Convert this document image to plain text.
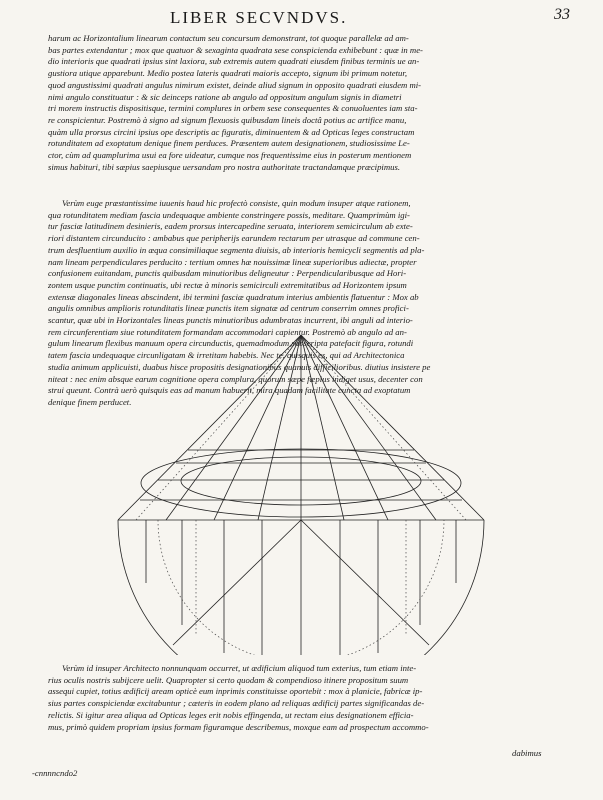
LIBER SECVNDVS.	33

harum ac Horizontalium linearum contactum seu concursum demonstrant, tot quoque parallelæ ad am-

bas partes extendantur ; mox que quatuor & sexaginta quadrata sese conspicienda exhibebunt : quæ in me-

dio interioris que quadrati ipsius sint laxiora, sub extremis autem quadrati eiusdem finibus terminis ue an-

gustiora utique apparebunt. Medio postea lateris quadrati maioris accepto, signum ibi primum notetur,

quod angustissimi quadrati angulus nimirum existet, deinde aliud signum in opposito quadrati eiusdem mi-

nimi angulo constituatur : & sic deinceps ratione ab angulo ad oppositum angulum signis in diametri

tri morem instructis dispositisque, termini complures in orbem sese consequentes & conuoluentes iam sta-

re conspicientur. Postremò à signo ad signum flexuosis quibusdam lineis doctâ potius ac artifice manu,

quàm ulla prorsus circini ipsius ope descriptis ac figuratis, diminuentem & ad Opticas leges constructam

rotunditatem ad exoptatum denique finem perduces. Præsentem autem designationem, studiosissime Le-

ctor, cùm ad quamplurima usui ea fore uideatur, cumque nos frequentissime eius in posterum mentionem

simus habituri, tibi sæpius saepiusque uersandam pro nostra authoritate tractandamque præcipimus.

Verùm euge præstantissime iuuenis haud hic profectò consiste, quin modum insuper atque rationem,

qua rotunditatem mediam fascia undequaque ambiente constringere possis, meditare. Quamprimùm igi-

tur fasciæ latitudinem desinieris, eadem prorsus intercapedine seruata, interiorem semicirculum ab exte-

riori distantem circunducito : ambabus que peripherijs earundem rectarum per utrasque ad commune cen-

trum desfluentium auxilio in æqua consimiliaque segmenta diuisis, ab interioris hemicycli segmentis ad pla-

nam lineam perpendiculares perducito : tertium omnes hæ nouissimæ lineæ superioribus adiectæ, propter

confusionem euitandam, punctis quibusdam minutioribus deligneutur : Perpendicularibusque ad Hori-

zontem usque punctim continuatis, ubi rectæ à minoris semicirculi extremitatibus ad Horizontem ipsum

extensæ diagonales lineas abscindent, ibi termini fasciæ quadratum interius ambientis flatuentur : Mox ab

angulis omnibus amplioris rotunditatis lineæ punctis item signatæ ad centrum conserrim omnes profici-

scantur, quæ ubi in Horizontales lineas punctis minutioribus adumbratas incurrent, ibi anguli ad interio-

rem circunferentiam siue rotunditatem formandam accommodari capientur. Postremò ab angulo ad an-

gulum linearum flexibus manuum opera circunductis, quemadmodum subscripta patefacit figura, rotundi

tatem fascia undequaque circunligatam & irretitam habebis. Nec te, quisquis es, qui ad Architectonica

studia animum applicuisti, duabus hisce propositis designationibus quanuis difficilioribus. diutius insistere pe

niteat : nec enim absque earum cognitione opera complura, quorum sæpe fæpius indiget usus, decenter con

strui queunt. Contrà uerò quisquis eas ad manum habuerit, mira quadam facilitate cuncta ad exoptatum

denique finem perducet.

Verùm id insuper Architecto nonnunquam occurret, ut ædificium aliquod tum exterius, tum etiam inte-

rius oculis nostris subijcere uelit. Quapropter si certo quodam & compendioso itinere propositum suum

assequi cupiet, totius ædificij aream opticè eum inprimis constituisse oportebit : mox à planicie, fabricæ ip-

sius partes conspiciendæ excitabuntur ; cæteris in eodem plano ad reliquas ædificij partes significandas de-

relictis. Si igitur area aliqua ad Opticas leges erit nobis effingenda, ut rectam eius designationem efficia-

mus, primò quidem propriam ipsius formam figuramque describemus, moxque eam ad prospectum accommo-

dabimus
-cnnnncndo2
